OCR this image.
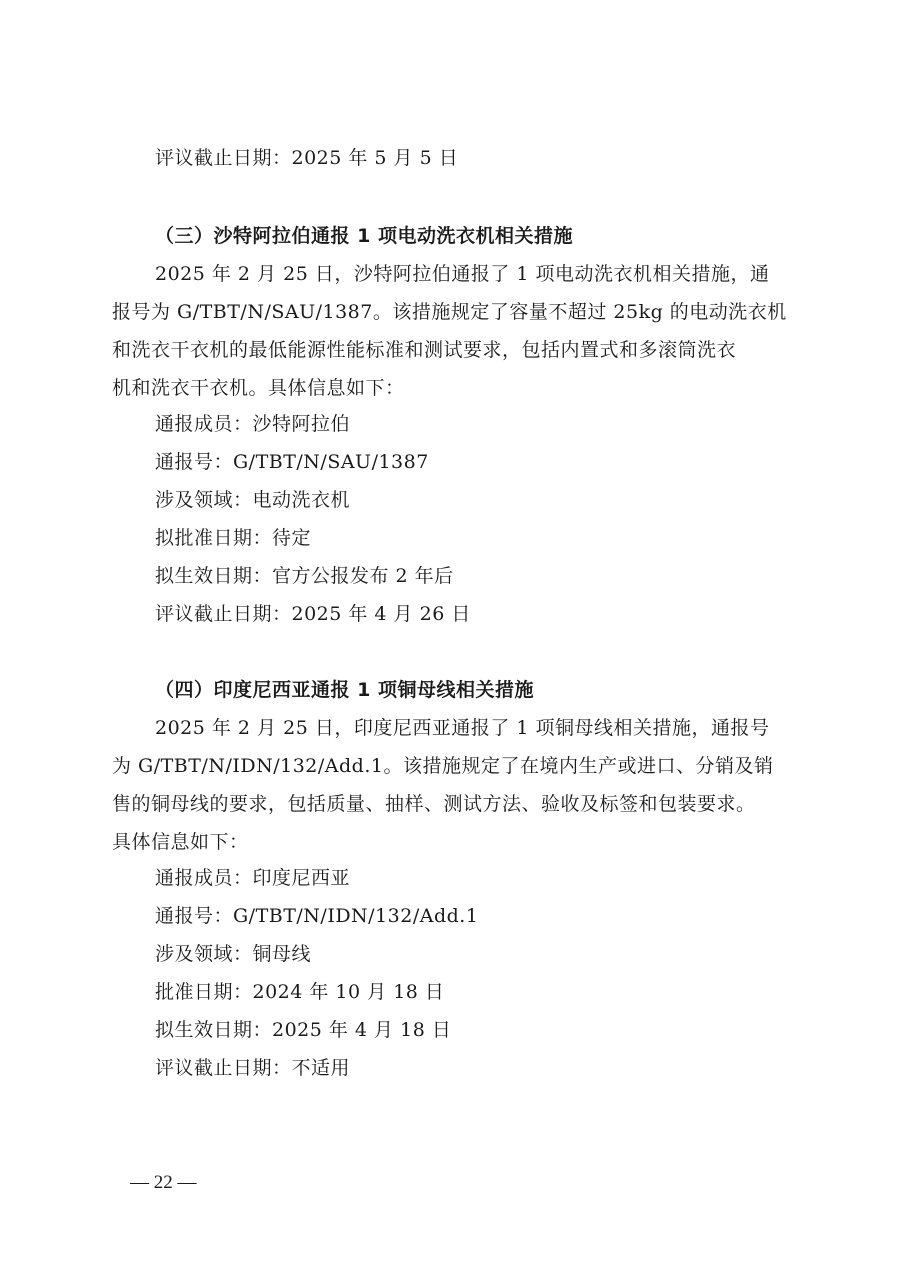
评议截止日期：2025 年 5 月 5 日
（三）沙特阿拉伯通报 1 项电动洗衣机相关措施
2025 年 2 月 25 日，沙特阿拉伯通报了 1 项电动洗衣机相关措施，通
报号为 G/TBT/N/SAU/1387。该措施规定了容量不超过 25kg 的电动洗衣机
和洗衣干衣机的最低能源性能标准和测试要求，包括内置式和多滚筒洗衣
机和洗衣干衣机。具体信息如下：
通报成员：沙特阿拉伯
通报号：G/TBT/N/SAU/1387
涉及领域：电动洗衣机
拟批准日期：待定
拟生效日期：官方公报发布 2 年后
评议截止日期：2025 年 4 月 26 日
（四）印度尼西亚通报 1 项铜母线相关措施
2025 年 2 月 25 日，印度尼西亚通报了 1 项铜母线相关措施，通报号
为 G/TBT/N/IDN/132/Add.1。该措施规定了在境内生产或进口、分销及销
售的铜母线的要求，包括质量、抽样、测试方法、验收及标签和包装要求。
具体信息如下：
通报成员：印度尼西亚
通报号：G/TBT/N/IDN/132/Add.1
涉及领域：铜母线
批准日期：2024 年 10 月 18 日
拟生效日期：2025 年 4 月 18 日
评议截止日期：不适用
— 22 —
